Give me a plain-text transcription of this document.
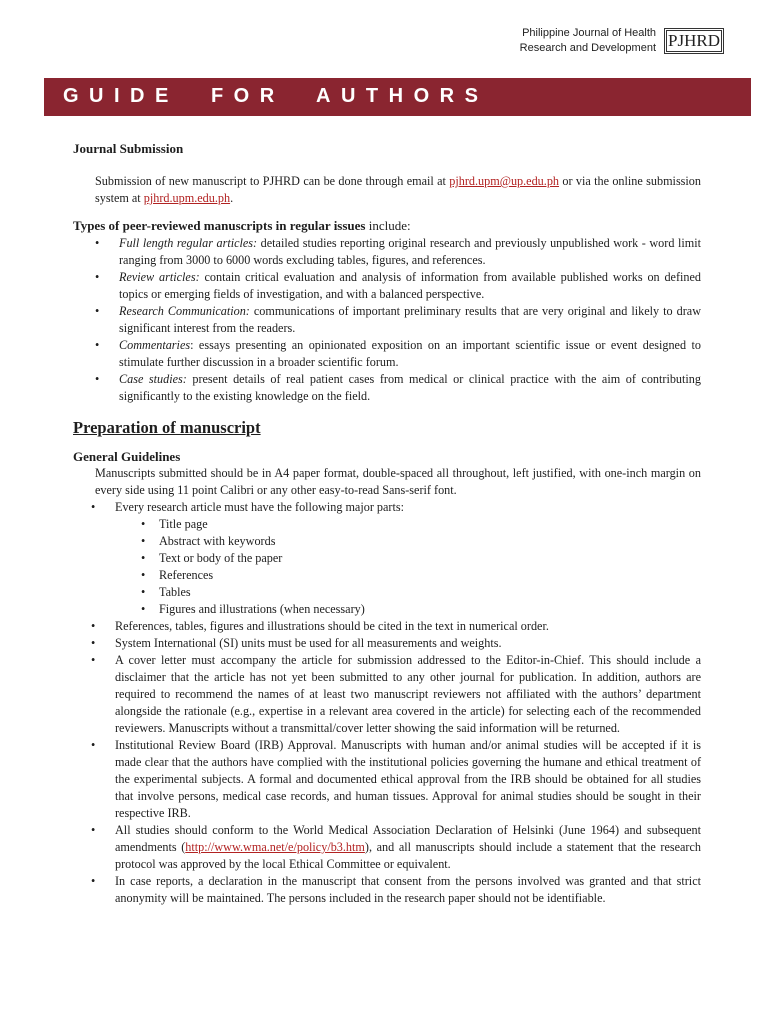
Philippine Journal of Health
Research and Development PJHRD
GUIDE  FOR  AUTHORS
Journal Submission
Submission of new manuscript to PJHRD can be done through email at pjhrd.upm@up.edu.ph or via the online submission system at pjhrd.upm.edu.ph.
Types of peer-reviewed manuscripts in regular issues include:
• Full length regular articles: detailed studies reporting original research and previously unpublished work - word limit ranging from 3000 to 6000 words excluding tables, figures, and references.
• Review articles: contain critical evaluation and analysis of information from available published works on defined topics or emerging fields of investigation, and with a balanced perspective.
• Research Communication: communications of important preliminary results that are very original and likely to draw significant interest from the readers.
• Commentaries: essays presenting an opinionated exposition on an important scientific issue or event designed to stimulate further discussion in a broader scientific forum.
• Case studies: present details of real patient cases from medical or clinical practice with the aim of contributing significantly to the existing knowledge on the field.
Preparation of manuscript
General Guidelines
Manuscripts submitted should be in A4 paper format, double-spaced all throughout, left justified, with one-inch margin on every side using 11 point Calibri or any other easy-to-read Sans-serif font.
• Every research article must have the following major parts:
• Title page
• Abstract with keywords
• Text or body of the paper
• References
• Tables
• Figures and illustrations (when necessary)
• References, tables, figures and illustrations should be cited in the text in numerical order.
• System International (SI) units must be used for all measurements and weights.
• A cover letter must accompany the article for submission addressed to the Editor-in-Chief. This should include a disclaimer that the article has not yet been submitted to any other journal for publication. In addition, authors are required to recommend the names of at least two manuscript reviewers not affiliated with the authors’ department alongside the rationale (e.g., expertise in a relevant area covered in the article) for selecting each of the recommended reviewers. Manuscripts without a transmittal/cover letter showing the said information will be returned.
• Institutional Review Board (IRB) Approval. Manuscripts with human and/or animal studies will be accepted if it is made clear that the authors have complied with the institutional policies governing the humane and ethical treatment of the experimental subjects. A formal and documented ethical approval from the IRB should be obtained for all studies that involve persons, medical case records, and human tissues. Approval for animal studies should be sought in their respective IRB.
• All studies should conform to the World Medical Association Declaration of Helsinki (June 1964) and subsequent amendments (http://www.wma.net/e/policy/b3.htm), and all manuscripts should include a statement that the research protocol was approved by the local Ethical Committee or equivalent.
• In case reports, a declaration in the manuscript that consent from the persons involved was granted and that strict anonymity will be maintained. The persons included in the research paper should not be identifiable.
